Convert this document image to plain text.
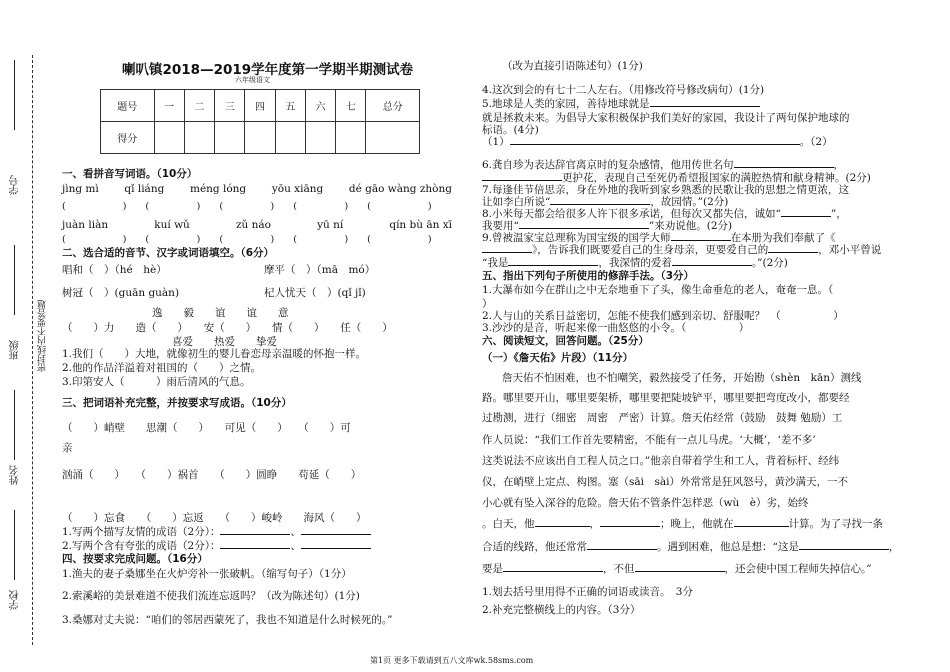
学号
班级 密封线内不要答题
姓名
学校
喇叭镇2018—2019学年度第一学期半期测试卷
六年级语文
题号	一	二	三	四	五	六	七	总分
得分								
一、看拼音写词语。（10分）
jìng mì qǐ liáng méng lóng yōu xiāng dé gāo wàng zhòng
(　　　　　　)　　(　　　　　)　　(　　　　　)　　(　　　　　)　　(　　　　　　)
juàn liàn	kuí wǔ	zǔ náo	yū ní	qín bù ān xī
(　　　　　　)　　(　　　　　)　　(　　　　　)　　(　　　　　)　　(　　　　　　)
二、选合适的音节、汉字或词语填空。（6分）
唱和（　）（hé　hè）	摩平（　）（mā　mó）
树冠（　）(guān guàn)	杞人忧天（　）(qǐ jǐ)
逸　　毅　　谊　　谊　　意
（　　）力　　造（　　）　　安（　　）　　情（　　）　　任（　　）
喜爱　　热爱　　挚爱
1.我们（　　）大地，就像初生的婴儿眷恋母亲温暖的怀抱一样。
2.他的作品洋溢着对祖国的（　　）之情。
3.印第安人（　　　）雨后清风的气息。
三、把词语补充完整，并按要求写成语。（10分）
（　　）峭壁　　思潮（　　）　　可见（　　）　　（　　）可
亲
汹涌（　　）　　（　　）祸首　　（　　）圆睁　　苟延（　　）
（　　）忘食　　（　　）忘返　　（　　）峻岭　　海风（　　）
1.写两个描写友情的成语（2分）：	、
2.写两个含有夸张的成语（2分）：	、
四、按要求完成问题。（16分）
1.渔夫的妻子桑娜坐在火炉旁补一张破帆。（缩写句子）（1分）
2.索溪峪的美景难道不使我们流连忘返吗？（改为陈述句）(1分)
3.桑娜对丈夫说：“咱们的邻居西蒙死了，我也不知道是什么时候死的。”
（改为直接引语陈述句）(1分)
4.这次到会的有七十二人左右。（用修改符号修改病句）(1分)
5.地球是人类的家园，善待地球就是
就是拯救未来。为倡导大家积极保护我们美好的家园，我设计了两句保护地球的
标语。(4分)
（1）	。（2）
6.龚自珍为表达辞官离京时的复杂感情，他用传世名句	，
更护花，表现自己至死仍希望报国家的满腔热情和献身精神。(2分)
7.每逢佳节倍思亲，身在外地的我听到家乡熟悉的民歌让我的思想之情更浓，这
让如李白所说“	，故园情。”(2分)
8.小米每天都会给很多人许下很多承诺，但每次又都失信，诚如“	”，
我要用“	”来劝说他。(2分)
9.曾被温家宝总理称为国宝级的国学大师	在本册为我们奉献了《
》，告诉我们既要爱自己的生身母亲，更要爱自己的	，邓小平曾说
“我是	，我深情的爱着	。”(2分)
五、指出下列句子所使用的修辞手法。（3分）
1.大瀑布如今在群山之中无奈地垂下了头，像生命垂危的老人，奄奄一息。（
）
2.人与山的关系日益密切，怎能不使我们感到亲切、舒服呢？　（　　　　　）
3.沙沙的是音，听起来像一曲悠悠的小令。（　　　　　）
六、阅读短文，回答问题。（25分）
（一）《詹天佑》片段）（11分）
詹天佑不怕困难，也不怕嘲笑，毅然接受了任务，开始勘（shèn　kān）测线
路。哪里要开山，哪里要架桥，哪里要把陡坡铲平，哪里要把弯度改小，都要经
过勘测，进行（细密　周密　严密）计算。詹天佑经常（鼓励　鼓舞 勉励）工
作人员说：“我们工作首先要精密，不能有一点儿马虎。‘大概’，‘差不多’
这类说法不应该出自工程人员之口。”他亲自带着学生和工人，背着标杆、经纬
仪，在峭壁上定点、构图。塞（sāi　sài）外常常是狂风怒号，黄沙满天，一不
小心就有坠入深谷的危险。詹天佑不管条件怎样恶（wù　è）劣，始终
。白天，他	，	；晚上，他就在	计算。为了寻找一条
合适的线路，他还常常	。遇到困难，他总是想：“这是	，
要是	，不但	，还会使中国工程师失掉信心。”
1.划去括号里用得不正确的词语或读音。　3分
2.补充完整横线上的内容。（3分）
第1页 更多下载请到五八文库wk.58sms.com
